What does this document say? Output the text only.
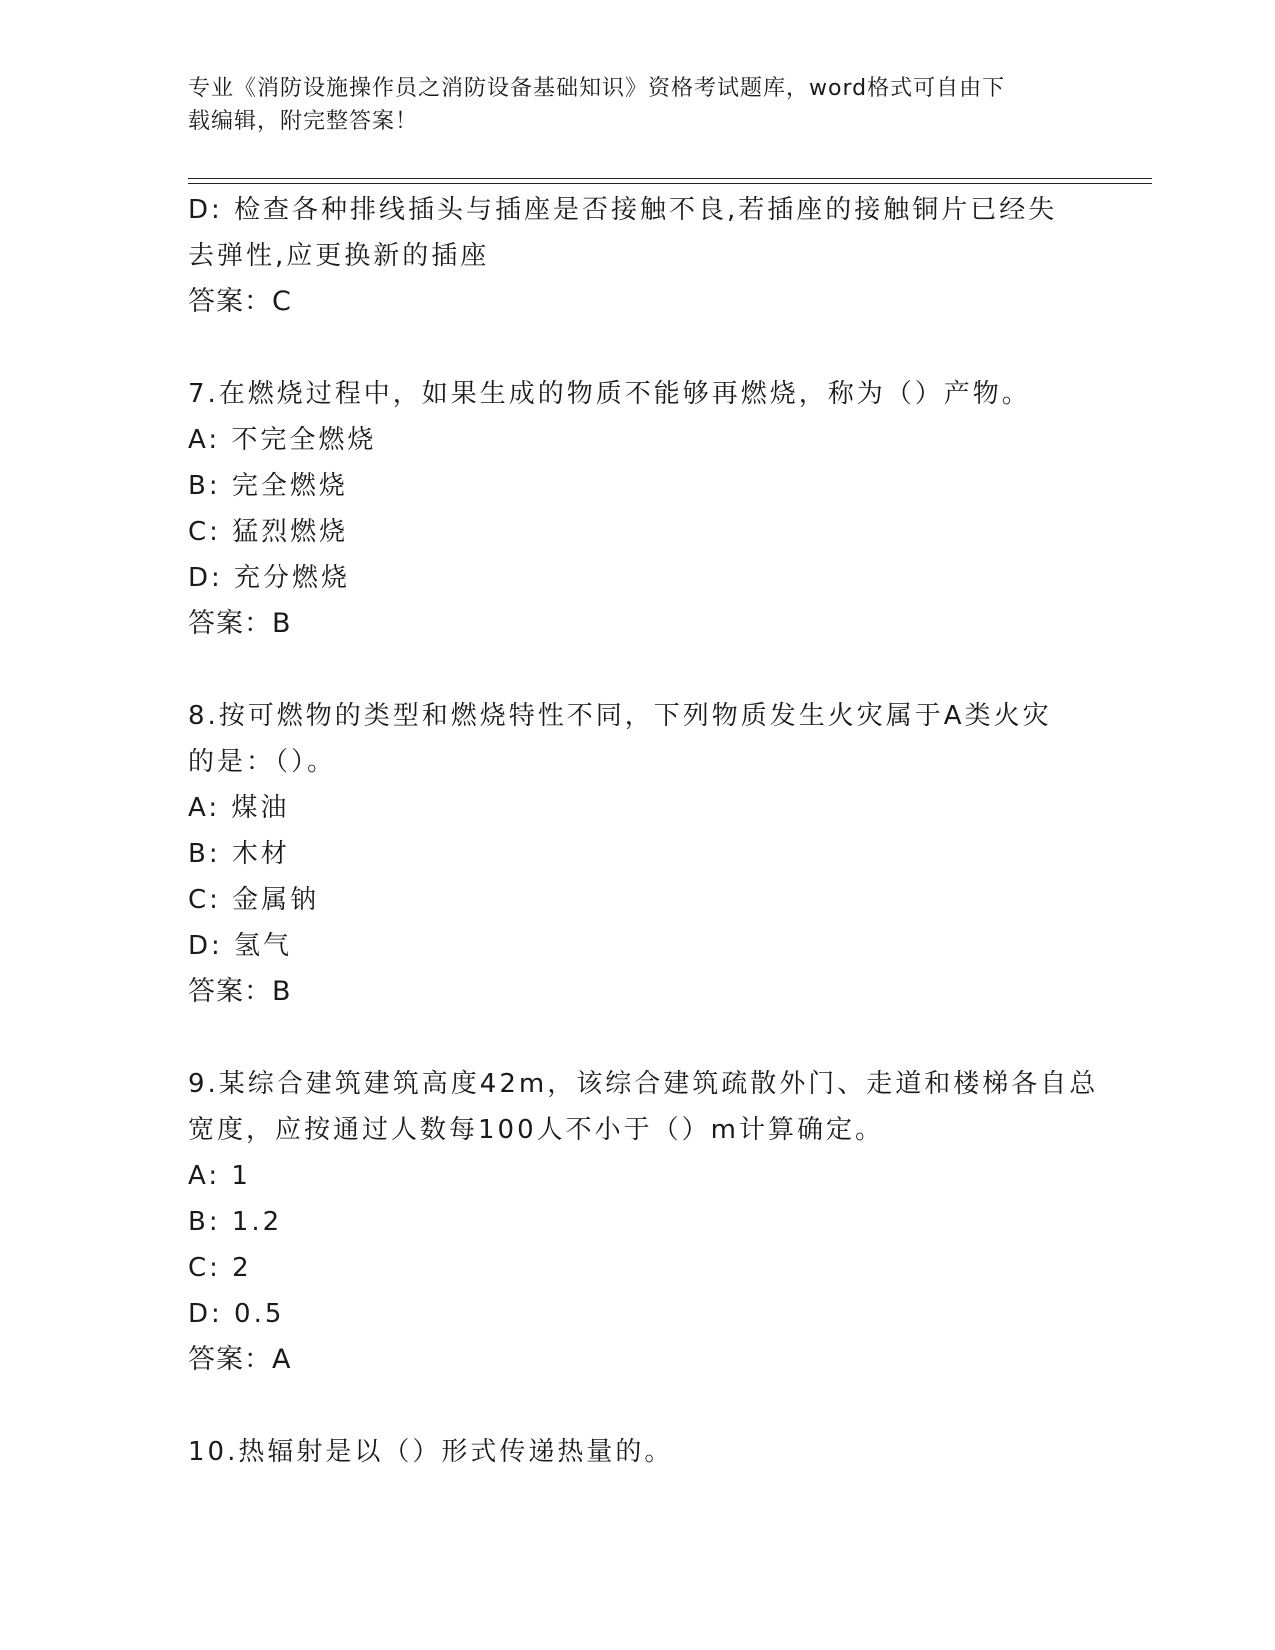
专业《消防设施操作员之消防设备基础知识》资格考试题库，word格式可自由下
载编辑，附完整答案！
D: 检查各种排线插头与插座是否接触不良,若插座的接触铜片已经失
去弹性,应更换新的插座
答案：C
7.在燃烧过程中，如果生成的物质不能够再燃烧，称为（）产物。
A: 不完全燃烧
B: 完全燃烧
C: 猛烈燃烧
D: 充分燃烧
答案：B
8.按可燃物的类型和燃烧特性不同，下列物质发生火灾属于A类火灾
的是：（）。
A: 煤油
B: 木材
C: 金属钠
D: 氢气
答案：B
9.某综合建筑建筑高度42m，该综合建筑疏散外门、走道和楼梯各自总
宽度，应按通过人数每100人不小于（）m计算确定。
A: 1
B: 1.2
C: 2
D: 0.5
答案：A
10.热辐射是以（）形式传递热量的。
